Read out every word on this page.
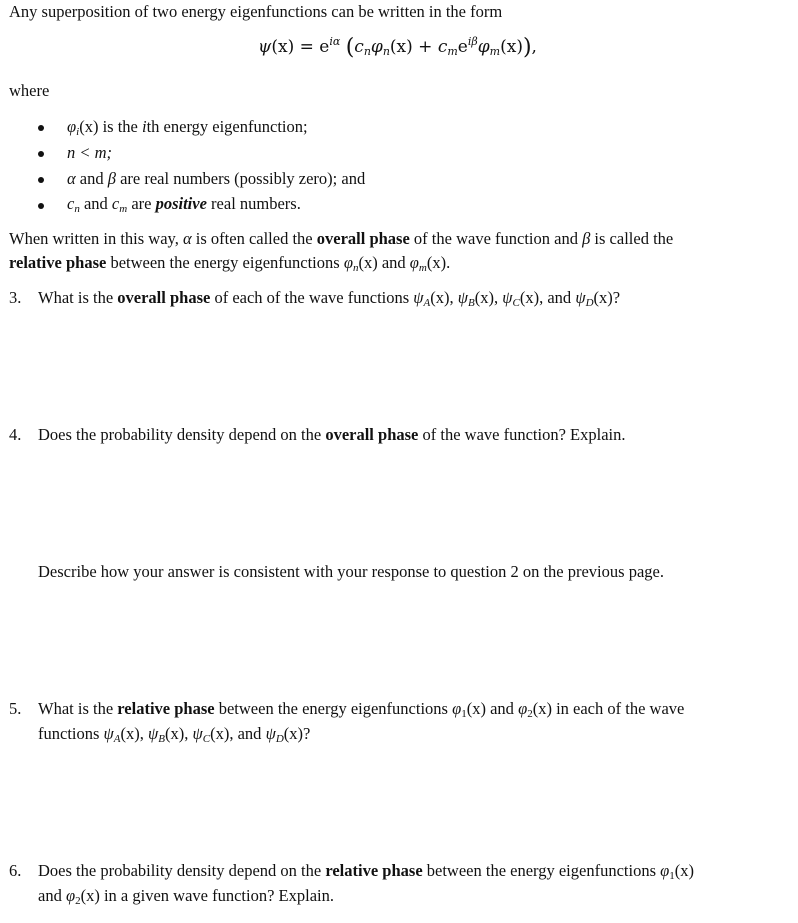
Any superposition of two energy eigenfunctions can be written in the form
$\psi(x) = e^{i\alpha}$ $(c_n\varphi_n(x) + c_me^{i\beta}\varphi_m(x))$,
where
$\varphi_i(x)$ is the ith energy eigenfunction;
n < m;
α and β are real numbers (possibly zero); and
$c_n$ and $c_m$ are positive real numbers.
When written in this way, α is often called the overall phase of the wave function and β is called the
relative phase between the energy eigenfunctions $\varphi_n(x)$ and $\varphi_m(x)$.
3. What is the overall phase of each of the wave functions $\psi_A(x)$, $\psi_B(x)$, $\psi_C(x)$, and $\psi_D(x)$?
4. Does the probability density depend on the overall phase of the wave function? Explain.
Describe how your answer is consistent with your response to question 2 on the previous page.
5. What is the relative phase between the energy eigenfunctions $\varphi_1(x)$ and $\varphi_2(x)$ in each of the wave
functions $\psi_A(x)$, $\psi_B(x)$, $\psi_C(x)$, and $\psi_D(x)$?
6. Does the probability density depend on the relative phase between the energy eigenfunctions $\varphi_1(x)$
and $\varphi_2(x)$ in a given wave function? Explain.
